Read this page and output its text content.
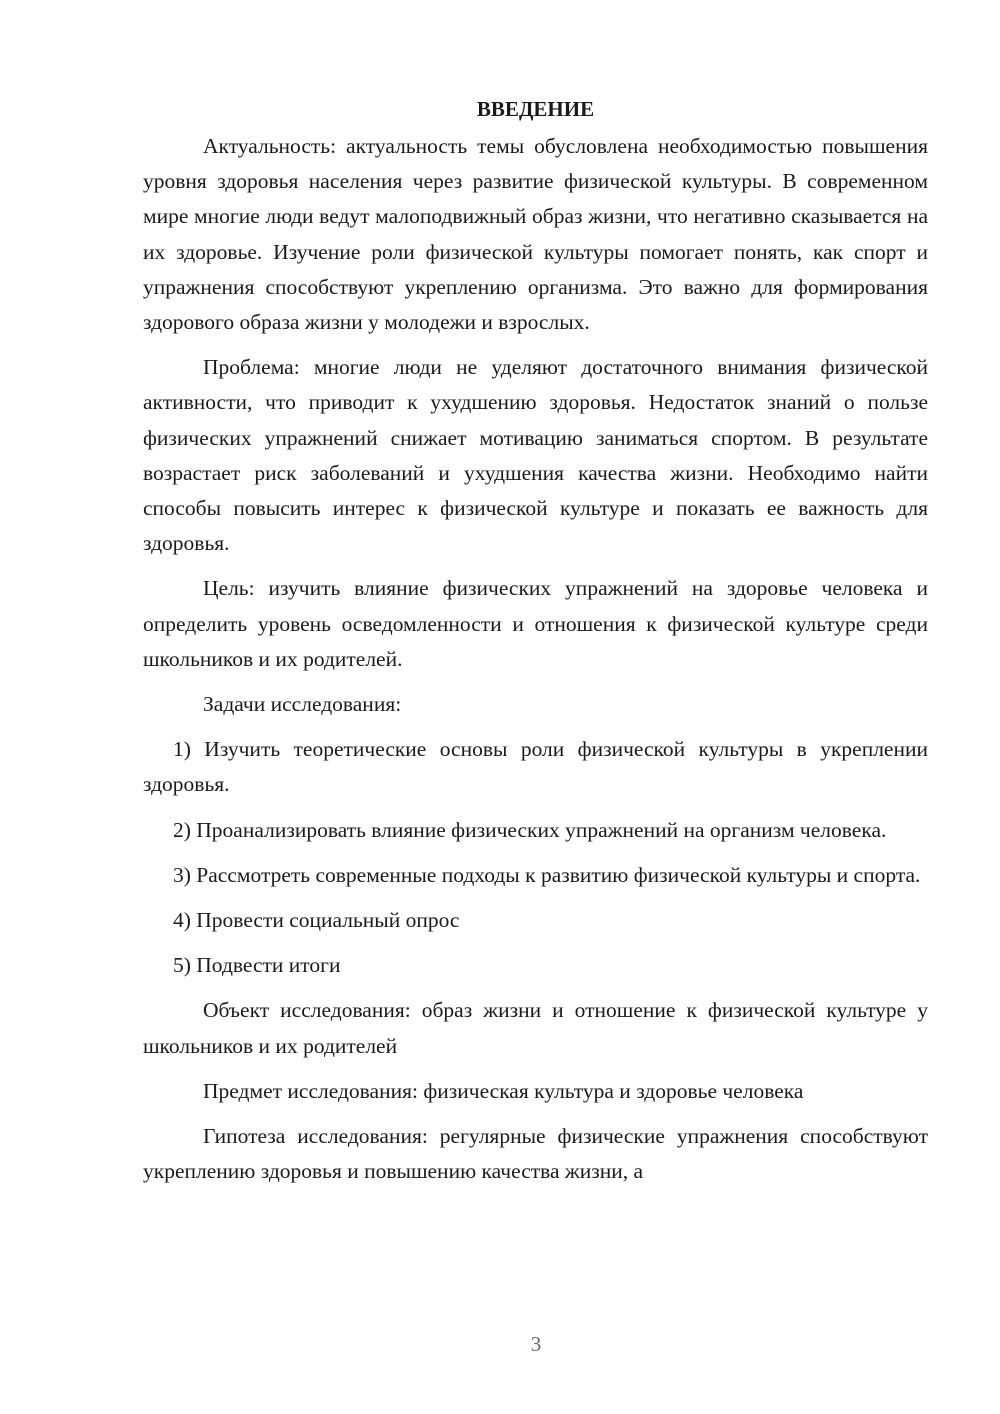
ВВЕДЕНИЕ

Актуальность: актуальность темы обусловлена необходимостью повышения уровня здоровья населения через развитие физической культуры. В современном мире многие люди ведут малоподвижный образ жизни, что негативно сказывается на их здоровье. Изучение роли физической культуры помогает понять, как спорт и упражнения способствуют укреплению организма. Это важно для формирования здорового образа жизни у молодежи и взрослых.

Проблема: многие люди не уделяют достаточного внимания физической активности, что приводит к ухудшению здоровья. Недостаток знаний о пользе физических упражнений снижает мотивацию заниматься спортом. В результате возрастает риск заболеваний и ухудшения качества жизни. Необходимо найти способы повысить интерес к физической культуре и показать ее важность для здоровья.

Цель: изучить влияние физических упражнений на здоровье человека и определить уровень осведомленности и отношения к физической культуре среди школьников и их родителей.

Задачи исследования:

1) Изучить теоретические основы роли физической культуры в укреплении здоровья.

2) Проанализировать влияние физических упражнений на организм человека.

3) Рассмотреть современные подходы к развитию физической культуры и спорта.

4) Провести социальный опрос

5) Подвести итоги

Объект исследования: образ жизни и отношение к физической культуре у школьников и их родителей

Предмет исследования: физическая культура и здоровье человека

Гипотеза исследования: регулярные физические упражнения способствуют укреплению здоровья и повышению качества жизни, а

3
